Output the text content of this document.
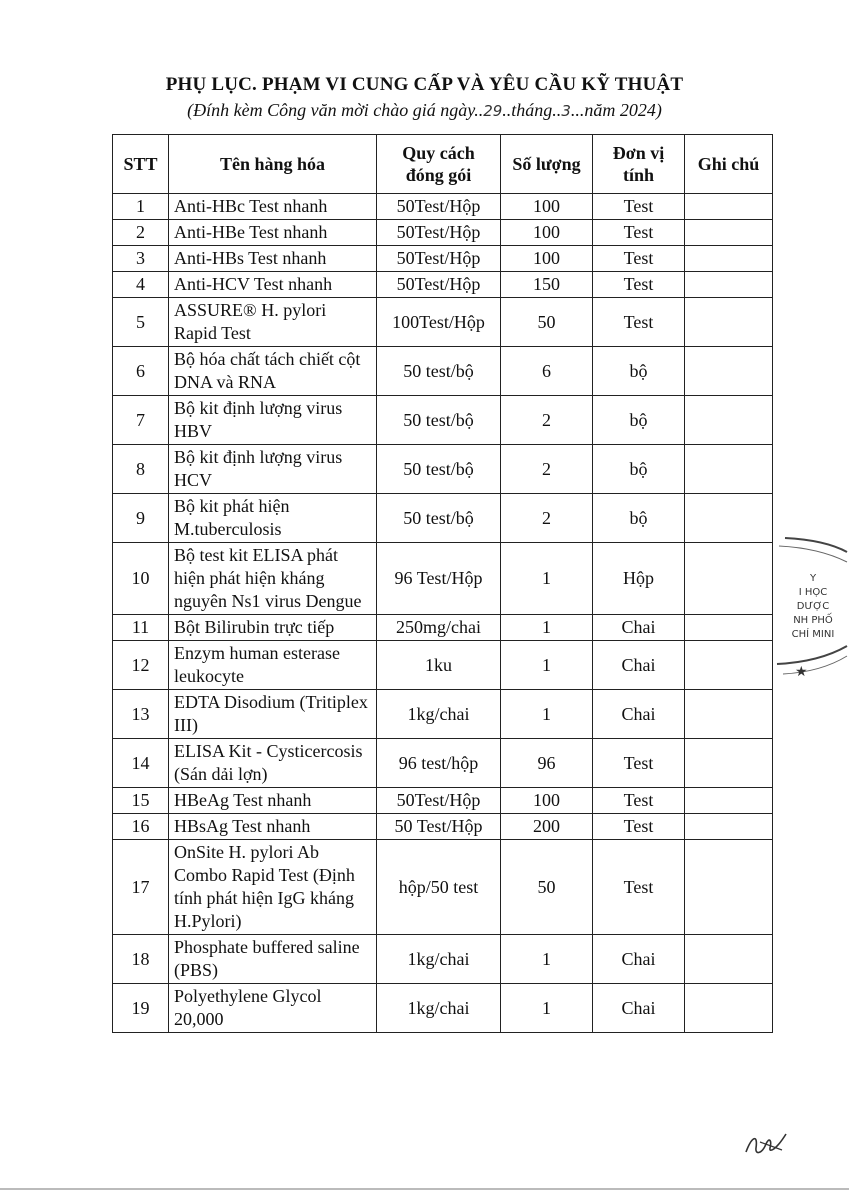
PHỤ LỤC. PHẠM VI CUNG CẤP VÀ YÊU CẦU KỸ THUẬT
(Đính kèm Công văn mời chào giá ngày..29..tháng..3...năm 2024)
STT	Tên hàng hóa	Quy cách đóng gói	Số lượng	Đơn vị tính	Ghi chú
1	Anti-HBc Test nhanh	50Test/Hộp	100	Test	
2	Anti-HBe Test nhanh	50Test/Hộp	100	Test	
3	Anti-HBs Test nhanh	50Test/Hộp	100	Test	
4	Anti-HCV Test nhanh	50Test/Hộp	150	Test	
5	ASSURE® H. pylori Rapid Test	100Test/Hộp	50	Test	
6	Bộ hóa chất tách chiết cột DNA và RNA	50 test/bộ	6	bộ	
7	Bộ kit định lượng virus HBV	50 test/bộ	2	bộ	
8	Bộ kit định lượng virus HCV	50 test/bộ	2	bộ	
9	Bộ kit phát hiện M.tuberculosis	50 test/bộ	2	bộ	
10	Bộ test kit ELISA phát hiện phát hiện kháng nguyên Ns1 virus Dengue	96 Test/Hộp	1	Hộp	
11	Bột Bilirubin trực tiếp	250mg/chai	1	Chai	
12	Enzym human esterase leukocyte	1ku	1	Chai	
13	EDTA Disodium (Tritiplex III)	1kg/chai	1	Chai	
14	ELISA Kit - Cysticercosis (Sán dải lợn)	96 test/hộp	96	Test	
15	HBeAg Test nhanh	50Test/Hộp	100	Test	
16	HBsAg Test nhanh	50 Test/Hộp	200	Test	
17	OnSite H. pylori Ab Combo Rapid Test (Định tính phát hiện IgG kháng H.Pylori)	hộp/50 test	50	Test	
18	Phosphate buffered saline (PBS)	1kg/chai	1	Chai	
19	Polyethylene Glycol 20,000	1kg/chai	1	Chai	
★
Y
I HỌC
DƯỢC
NH PHỐ
CHÍ MINI
